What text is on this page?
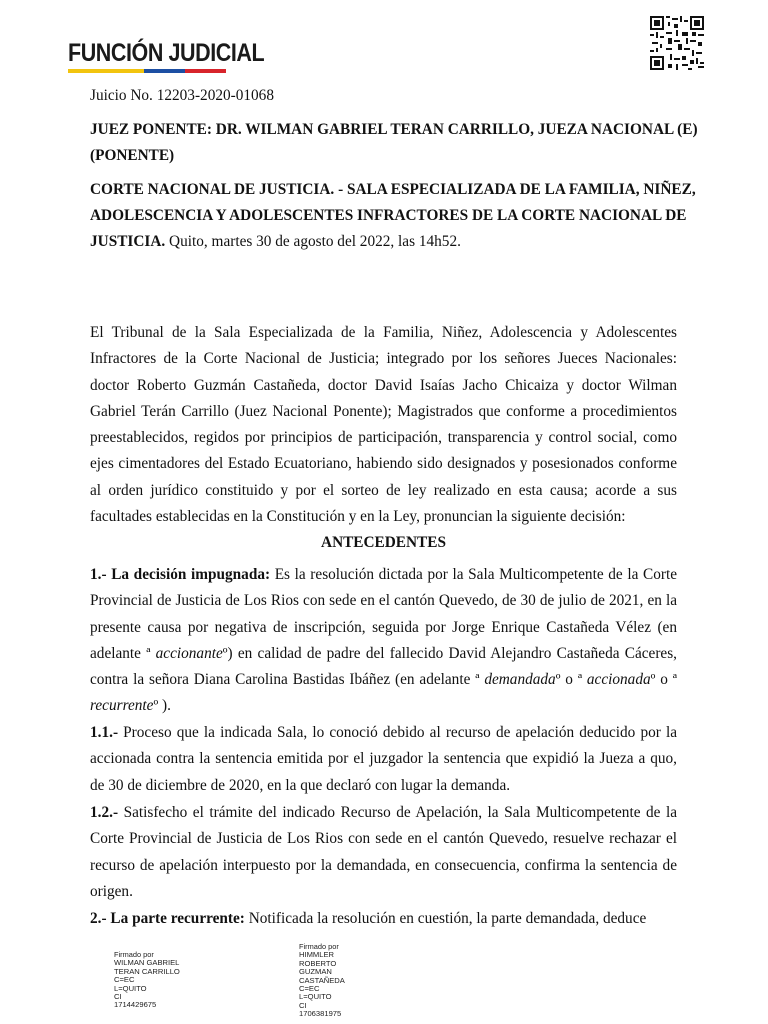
FUNCIÓN JUDICIAL
Juicio No. 12203-2020-01068
JUEZ PONENTE: DR. WILMAN GABRIEL TERAN CARRILLO, JUEZA NACIONAL (E)
(PONENTE)
CORTE NACIONAL DE JUSTICIA. - SALA ESPECIALIZADA DE LA FAMILIA, NIÑEZ,
ADOLESCENCIA Y ADOLESCENTES INFRACTORES DE LA CORTE NACIONAL DE
JUSTICIA. Quito, martes 30 de agosto del 2022, las 14h52.

El Tribunal de la Sala Especializada de la Familia, Niñez, Adolescencia y Adolescentes Infractores de la Corte Nacional de Justicia; integrado por los señores Jueces Nacionales: doctor Roberto Guzmán Castañeda, doctor David Isaías Jacho Chicaiza y doctor Wilman Gabriel Terán Carrillo (Juez Nacional Ponente); Magistrados que conforme a procedimientos preestablecidos, regidos por principios de participación, transparencia y control social, como ejes cimentadores del Estado Ecuatoriano, habiendo sido designados y posesionados conforme al orden jurídico constituido y por el sorteo de ley realizado en esta causa; acorde a sus facultades establecidas en la Constitución y en la Ley, pronuncian la siguiente decisión:

ANTECEDENTES

1.- La decisión impugnada: Es la resolución dictada por la Sala Multicompetente de la Corte Provincial de Justicia de Los Rios con sede en el cantón Quevedo, de 30 de julio de 2021, en la presente causa por negativa de inscripción, seguida por Jorge Enrique Castañeda Vélez (en adelante ª accionanteº) en calidad de padre del fallecido David Alejandro Castañeda Cáceres, contra la señora Diana Carolina Bastidas Ibáñez (en adelante ª demandadaº o ª accionadaº o ª recurrenteº ).

1.1.- Proceso que la indicada Sala, lo conoció debido al recurso de apelación deducido por la accionada contra la sentencia emitida por el juzgador la sentencia que expidió la Jueza a quo, de 30 de diciembre de 2020, en la que declaró con lugar la demanda.

1.2.- Satisfecho el trámite del indicado Recurso de Apelación, la Sala Multicompetente de la Corte Provincial de Justicia de Los Rios con sede en el cantón Quevedo, resuelve rechazar el recurso de apelación interpuesto por la demandada, en consecuencia, confirma la sentencia de origen.

2.- La parte recurrente: Notificada la resolución en cuestión, la parte demandada, deduce

Firmado por
WILMAN GABRIEL
TERAN CARRILLO
C=EC
L=QUITO
CI
1714429675
Firmado por
HIMMLER
ROBERTO
GUZMAN
CASTAÑEDA
C=EC
L=QUITO
CI
1706381975
